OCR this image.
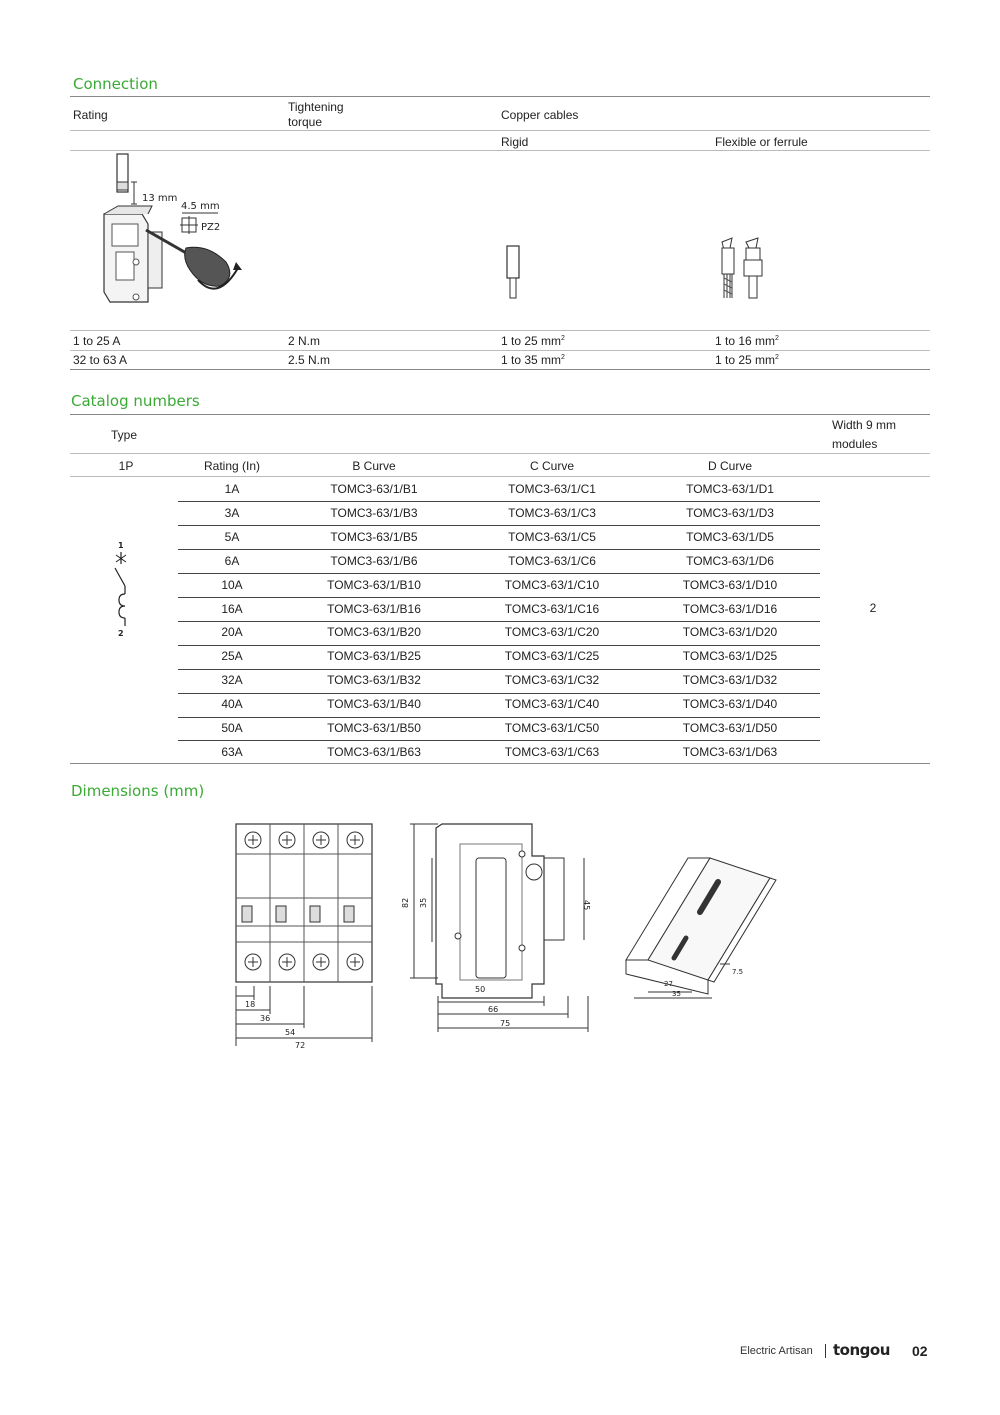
Connection
Rating
Tightening torque	Copper cables
Rigid	Flexible or ferrule
13 mm
4.5 mm
PZ2
1 to 25 A	2 N.m	1 to 25 $mm^2$	1 to 16 $mm^2$
32 to 63 A	2.5 N.m	1 to 35 $mm^2$	1 to 25 $mm^2$
Catalog numbers
Type
Width 9 mm
modules
1P	Rating (In)	B Curve	C Curve	D Curve
1
2
2
1A	TOMC3-63/1/B1	TOMC3-63/1/C1	TOMC3-63/1/D1
3A	TOMC3-63/1/B3	TOMC3-63/1/C3	TOMC3-63/1/D3
5A	TOMC3-63/1/B5	TOMC3-63/1/C5	TOMC3-63/1/D5
6A	TOMC3-63/1/B6	TOMC3-63/1/C6	TOMC3-63/1/D6
10A	TOMC3-63/1/B10	TOMC3-63/1/C10	TOMC3-63/1/D10
16A	TOMC3-63/1/B16	TOMC3-63/1/C16	TOMC3-63/1/D16
20A	TOMC3-63/1/B20	TOMC3-63/1/C20	TOMC3-63/1/D20
25A	TOMC3-63/1/B25	TOMC3-63/1/C25	TOMC3-63/1/D25
32A	TOMC3-63/1/B32	TOMC3-63/1/C32	TOMC3-63/1/D32
40A	TOMC3-63/1/B40	TOMC3-63/1/C40	TOMC3-63/1/D40
50A	TOMC3-63/1/B50	TOMC3-63/1/C50	TOMC3-63/1/D50
63A	TOMC3-63/1/B63	TOMC3-63/1/C63	TOMC3-63/1/D63
Dimensions (mm)
18
36
54
72
82 35	45
50
66
75
7.5
27
35
Electric Artisan tongou 02
